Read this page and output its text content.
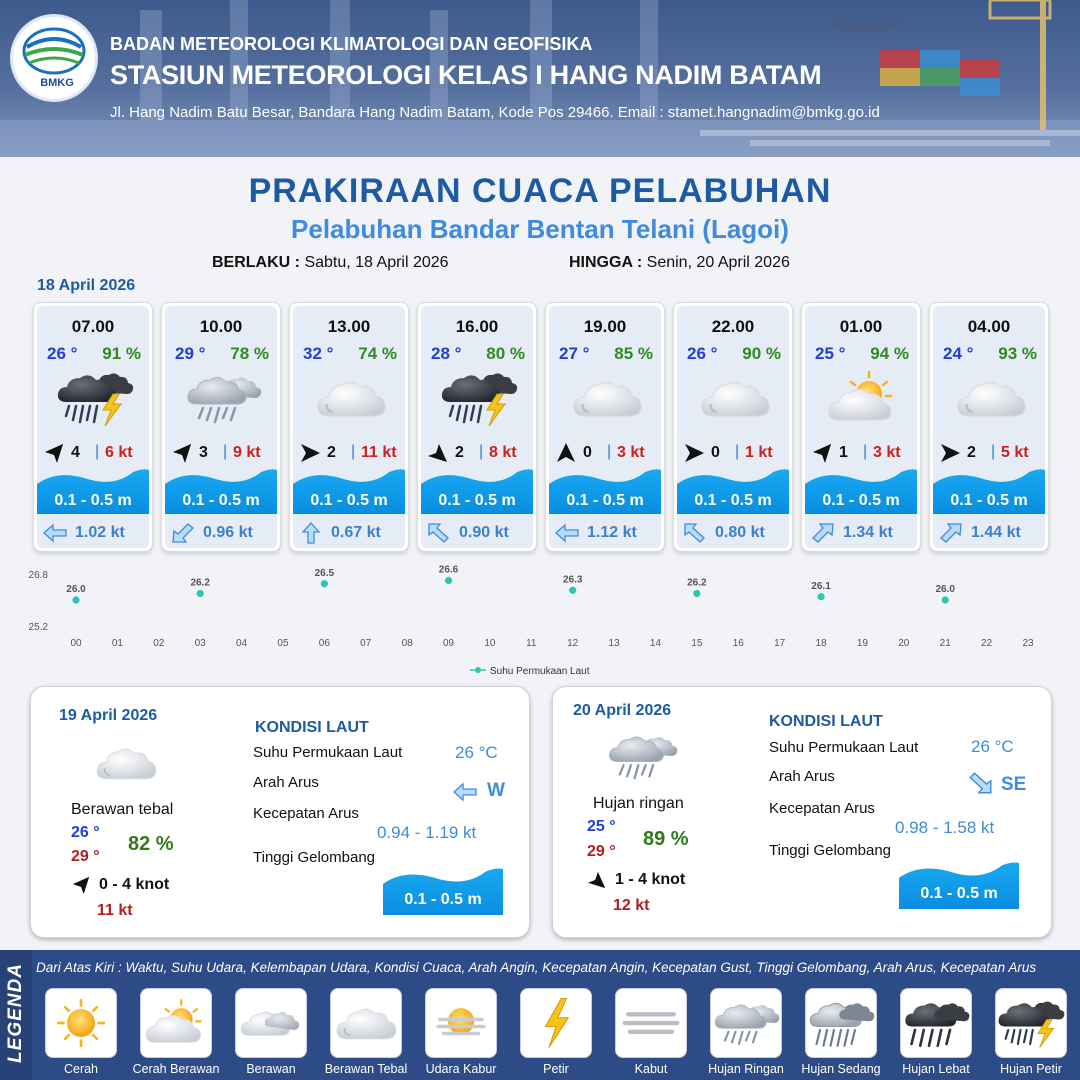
BMKG
BADAN METEOROLOGI KLIMATOLOGI DAN GEOFISIKA
STASIUN METEOROLOGI KELAS I HANG NADIM BATAM
Jl. Hang Nadim Batu Besar, Bandara Hang Nadim Batam, Kode Pos 29466. Email : stamet.hangnadim@bmkg.go.id
PRAKIRAAN CUACA PELABUHAN
Pelabuhan Bandar Bentan Telani (Lagoi)
BERLAKU : Sabtu, 18 April 2026	HINGGA : Senin, 20 April 2026
18 April 2026
07.00
26 ° 91 %
4 | 6 kt
0.1 - 0.5 m
1.02 kt
10.00
29 ° 78 %
3 | 9 kt
0.1 - 0.5 m
0.96 kt
13.00
32 ° 74 %
2 | 11 kt
0.1 - 0.5 m
0.67 kt
16.00
28 ° 80 %
2 | 8 kt
0.1 - 0.5 m
0.90 kt
19.00
27 ° 85 %
0 | 3 kt
0.1 - 0.5 m
1.12 kt
22.00
26 ° 90 %
0 | 1 kt
0.1 - 0.5 m
0.80 kt
01.00
25 ° 94 %
1 | 3 kt
0.1 - 0.5 m
1.34 kt
04.00
24 ° 93 %
2 | 5 kt
0.1 - 0.5 m
1.44 kt
26.8
25.2
00	01	02	03	04	05	06	07	08	09	10	11	12	13	14	15	16	17	18	19	20	21	22	23
26.0
26.2
26.5	26.6
26.3	26.2	26.1	26.0
Suhu Permukaan Laut
19 April 2026
Berawan tebal
26 °
29 °
82 %
0 - 4 knot
11 kt
KONDISI LAUT
Suhu Permukaan Laut	26 °C
Arah Arus	W
Kecepatan Arus
0.94 - 1.19 kt
Tinggi Gelombang
0.1 - 0.5 m
20 April 2026
Hujan ringan
25 °
29 °
89 %
1 - 4 knot
12 kt
KONDISI LAUT
Suhu Permukaan Laut	26 °C
Arah Arus	SE
Kecepatan Arus
0.98 - 1.58 kt
Tinggi Gelombang
0.1 - 0.5 m
LEGENDA Dari Atas Kiri : Waktu, Suhu Udara, Kelembapan Udara, Kondisi Cuaca, Arah Angin, Kecepatan Angin, Kecepatan Gust, Tinggi Gelombang, Arah Arus, Kecepatan Arus
Cerah	Cerah Berawan	Berawan	Berawan Tebal	Udara Kabur	Petir	Kabut	Hujan Ringan	Hujan Sedang	Hujan Lebat	Hujan Petir
